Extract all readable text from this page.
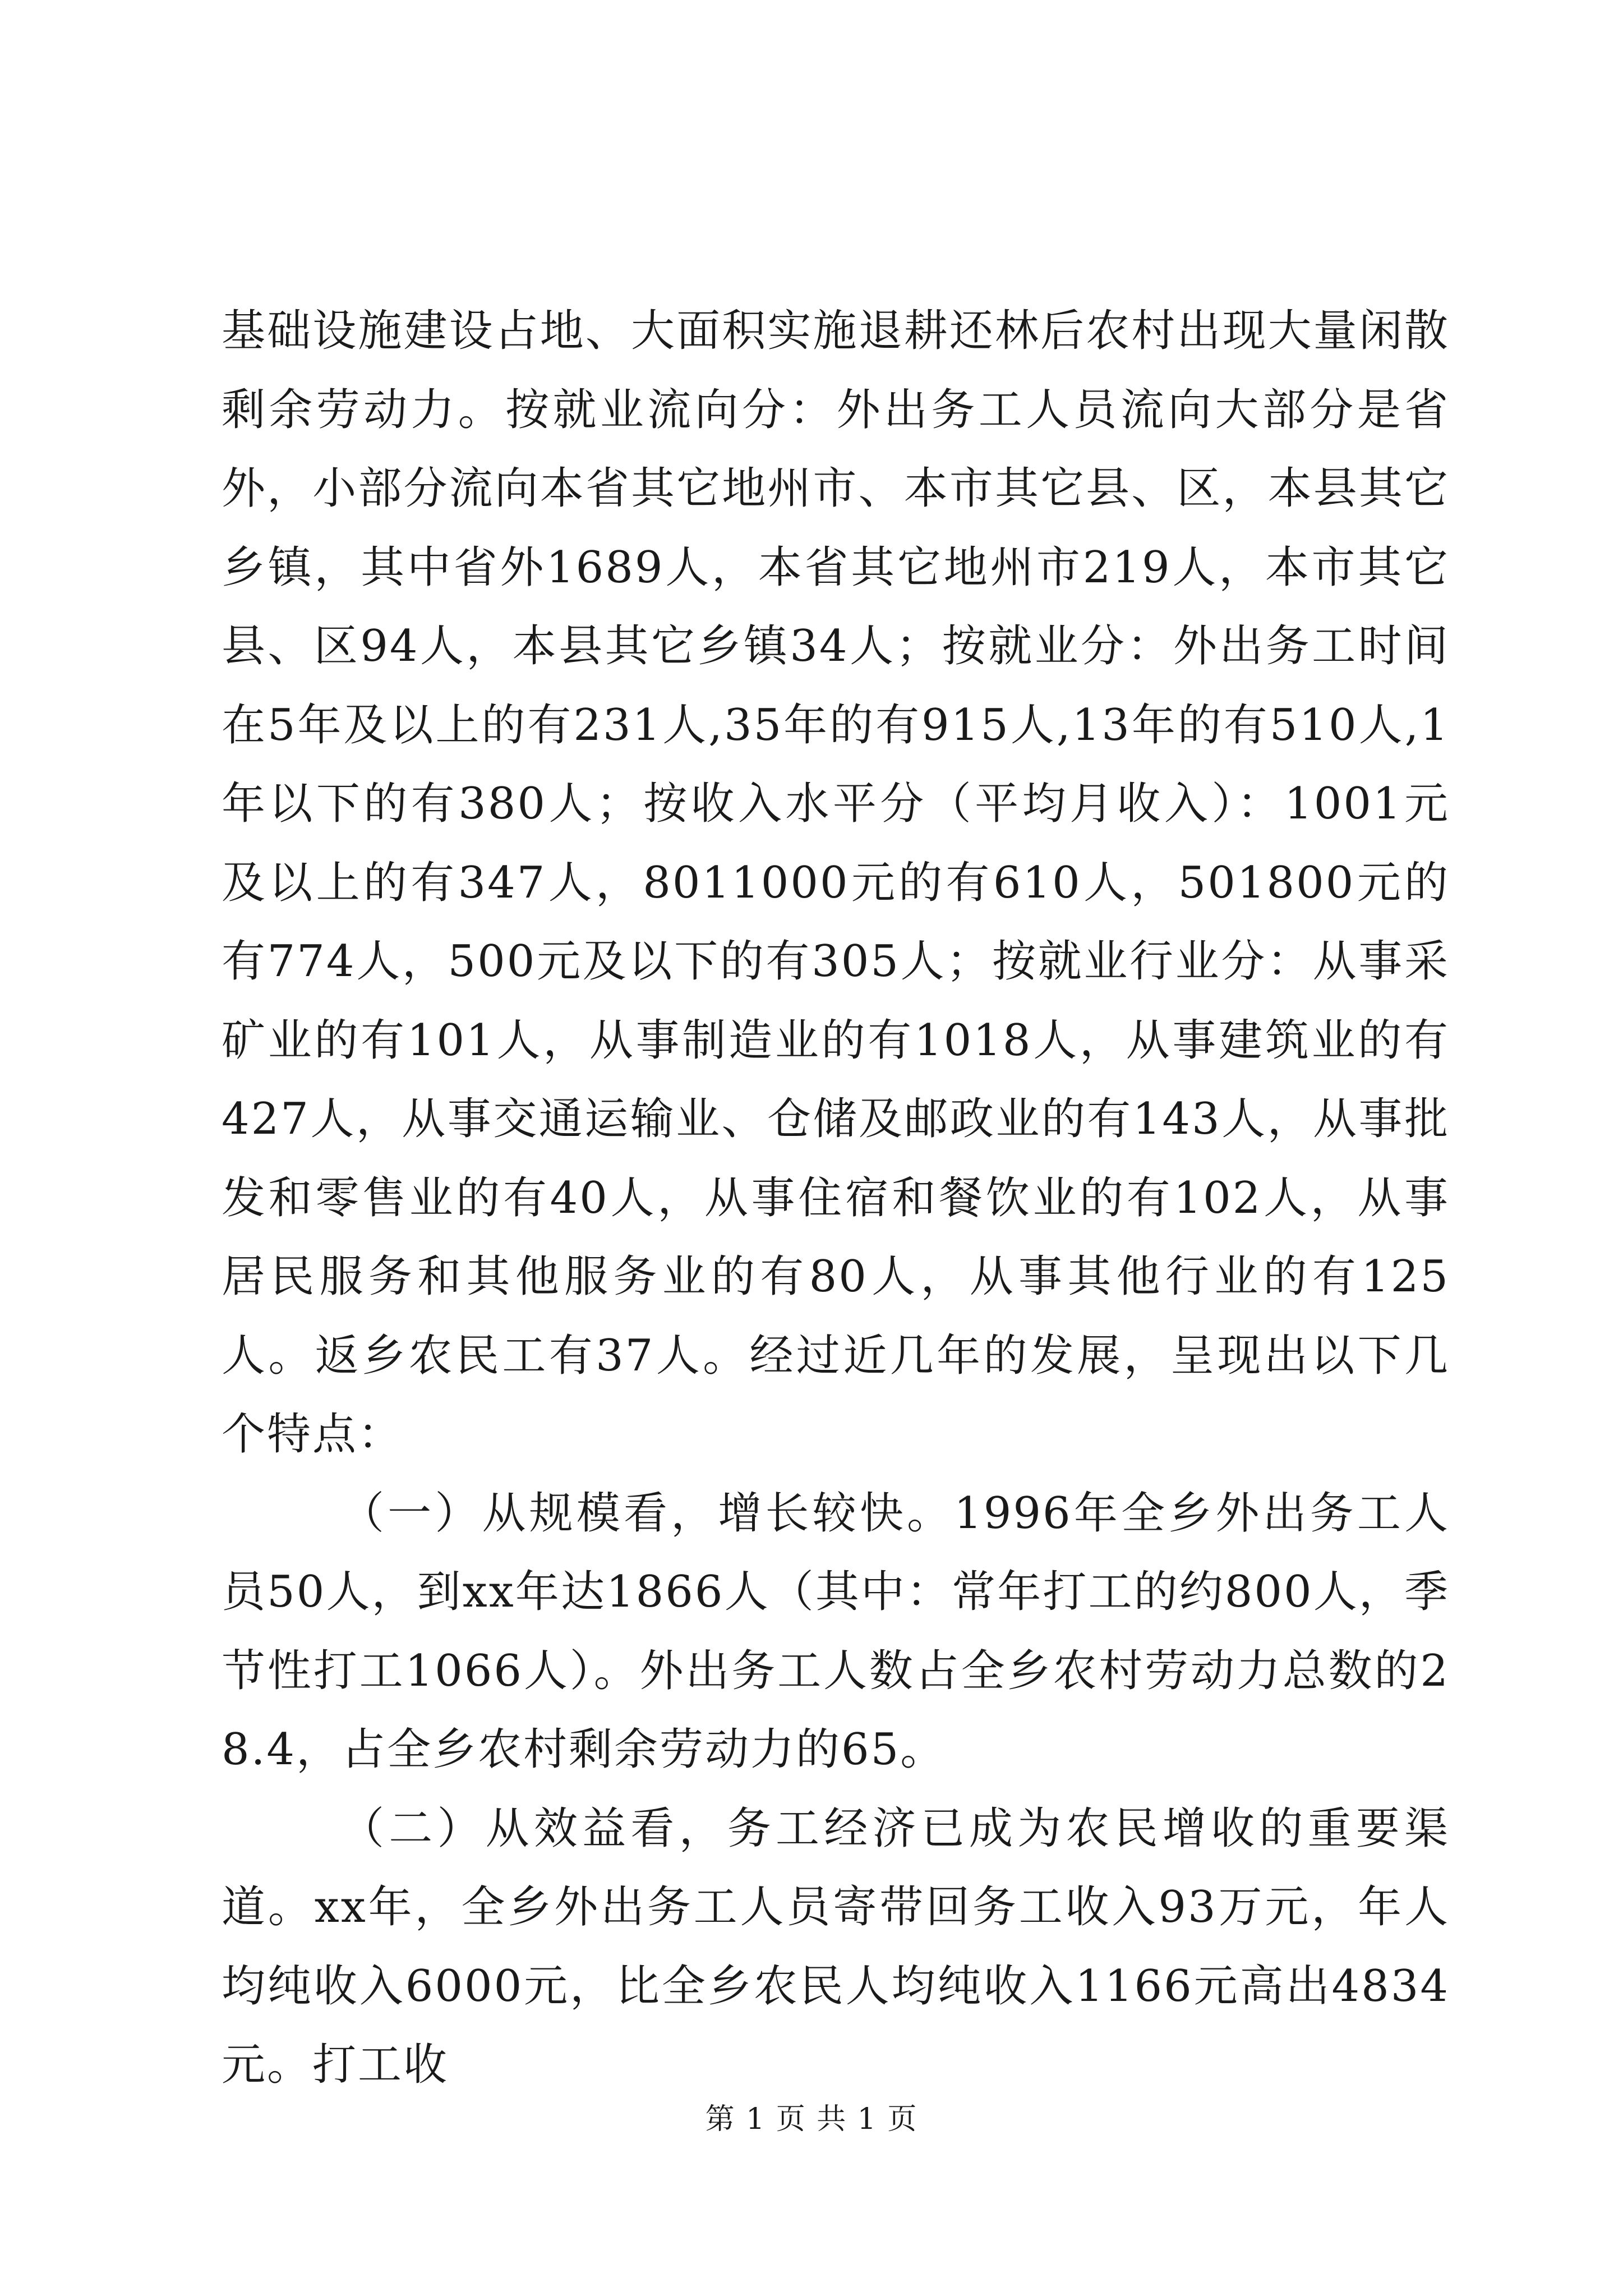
基础设施建设占地、大面积实施退耕还林后农村出现大量闲散剩余劳动力。按就业流向分：外出务工人员流向大部分是省外，小部分流向本省其它地州市、本市其它县、区，本县其它乡镇，其中省外1689人，本省其它地州市219人，本市其它县、区94人，本县其它乡镇34人；按就业分：外出务工时间在5年及以上的有231人,35年的有915人,13年的有510人,1年以下的有380人；按收入水平分（平均月收入）：1001元及以上的有347人，8011000元的有610人，501800元的有774人，500元及以下的有305人；按就业行业分：从事采矿业的有101人，从事制造业的有1018人，从事建筑业的有427人，从事交通运输业、仓储及邮政业的有143人，从事批发和零售业的有40人，从事住宿和餐饮业的有102人，从事居民服务和其他服务业的有80人，从事其他行业的有125人。返乡农民工有37人。经过近几年的发展，呈现出以下几个特点：

（一）从规模看，增长较快。1996年全乡外出务工人员50人，到xx年达1866人（其中：常年打工的约800人，季节性打工1066人）。外出务工人数占全乡农村劳动力总数的28.4，占全乡农村剩余劳动力的65。

（二）从效益看，务工经济已成为农民增收的重要渠道。xx年，全乡外出务工人员寄带回务工收入93万元，年人均纯收入6000元，比全乡农民人均纯收入1166元高出4834元。打工收

第 1 页 共 1 页
